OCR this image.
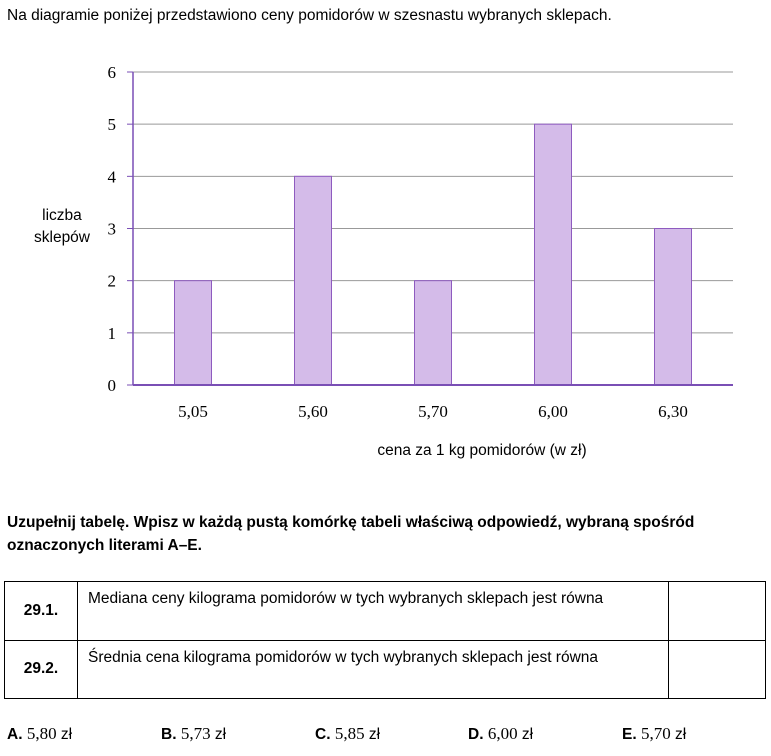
Na diagramie poniżej przedstawiono ceny pomidorów w szesnastu wybranych sklepach.

0
1
2
3
4
5
6
5,05	5,60	5,70	6,00	6,30
liczba
sklepów
cena za 1 kg pomidorów (w zł)

Uzupełnij tabelę. Wpisz w każdą pustą komórkę tabeli właściwą odpowiedź, wybraną spośród oznaczonych literami A–E.

29.1.	Mediana ceny kilograma pomidorów w tych wybranych sklepach jest równa	
29.2.	Średnia cena kilograma pomidorów w tych wybranych sklepach jest równa	
A. 5,80 zł	B. 5,73 zł	C. 5,85 zł	D. 6,00 zł	E. 5,70 zł
